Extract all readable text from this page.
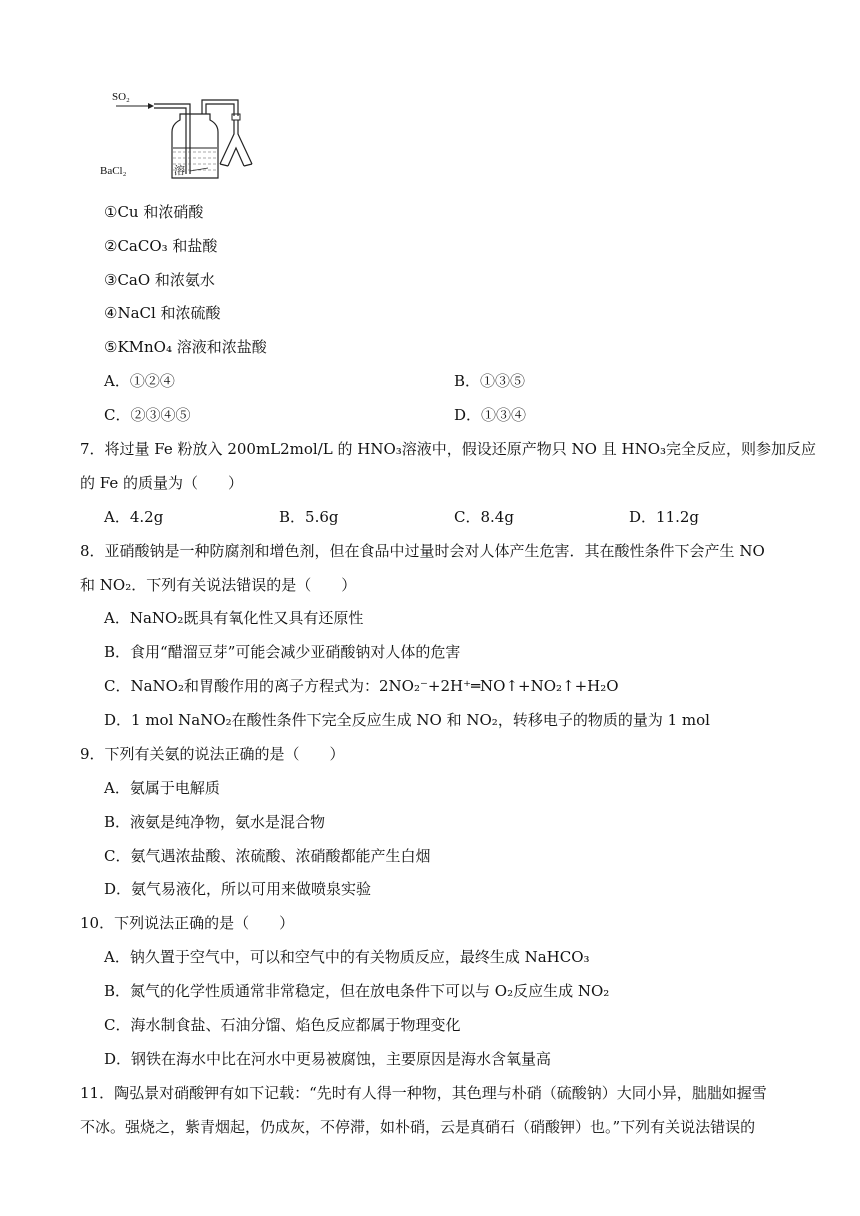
SO₂
BaCl₂	溶
①Cu 和浓硝酸
②CaCO₃ 和盐酸
③CaO 和浓氨水
④NaCl 和浓硫酸
⑤KMnO₄ 溶液和浓盐酸
A．①②④	B．①③⑤
C．②③④⑤	D．①③④
7．将过量 Fe 粉放入 200mL2mol/L 的 HNO₃溶液中，假设还原产物只 NO 且 HNO₃完全反应，则参加反应
的 Fe 的质量为（　　）
A．4.2g	B．5.6g	C．8.4g	D．11.2g
8．亚硝酸钠是一种防腐剂和增色剂，但在食品中过量时会对人体产生危害．其在酸性条件下会产生 NO
和 NO₂．下列有关说法错误的是（　　）
A．NaNO₂既具有氧化性又具有还原性
B．食用“醋溜豆芽”可能会减少亚硝酸钠对人体的危害
C．NaNO₂和胃酸作用的离子方程式为：2NO₂⁻+2H⁺═NO↑+NO₂↑+H₂O
D．1 mol NaNO₂在酸性条件下完全反应生成 NO 和 NO₂，转移电子的物质的量为 1 mol
9．下列有关氨的说法正确的是（　　）
A．氨属于电解质
B．液氨是纯净物，氨水是混合物
C．氨气遇浓盐酸、浓硫酸、浓硝酸都能产生白烟
D．氨气易液化，所以可用来做喷泉实验
10．下列说法正确的是（　　）
A．钠久置于空气中，可以和空气中的有关物质反应，最终生成 NaHCO₃
B．氮气的化学性质通常非常稳定，但在放电条件下可以与 O₂反应生成 NO₂
C．海水制食盐、石油分馏、焰色反应都属于物理变化
D．钢铁在海水中比在河水中更易被腐蚀，主要原因是海水含氧量高
11．陶弘景对硝酸钾有如下记载：“先时有人得一种物，其色理与朴硝（硫酸钠）大同小异，朏朏如握雪
不冰。强烧之，紫青烟起，仍成灰，不停滞，如朴硝，云是真硝石（硝酸钾）也。”下列有关说法错误的
